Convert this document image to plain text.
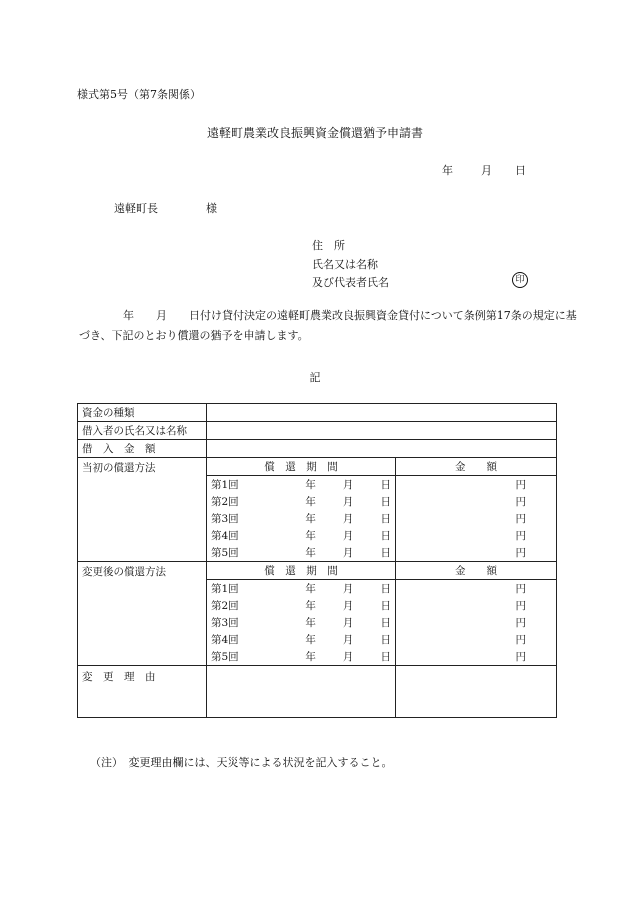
様式第5号（第7条関係）
遠軽町農業改良振興資金償還猶予申請書
年	月 日
遠軽町長	様
住　所
氏名又は名称
及び代表者氏名	印
　　　　年　　月　　日付け貸付決定の遠軽町農業改良振興資金貸付について条例第17条の規定に基づき、下記のとおり償還の猶予を申請します。
記
資金の種類		
借入者の氏名又は名称		
借　入　金　額		
当初の償還方法	償　還　期　間	金　　額

	第1回 年 月 日	円

	第2回 年 月 日	円

	第3回 年 月 日	円

	第4回 年 月 日	円

	第5回 年 月 日	円
変更後の償還方法	償　還　期　間	金　　額

	第1回 年 月 日	円

	第2回 年 月 日	円

	第3回 年 月 日	円

	第4回 年 月 日	円

	第5回 年 月 日	円
変　更　理　由		
（注）　変更理由欄には、天災等による状況を記入すること。
